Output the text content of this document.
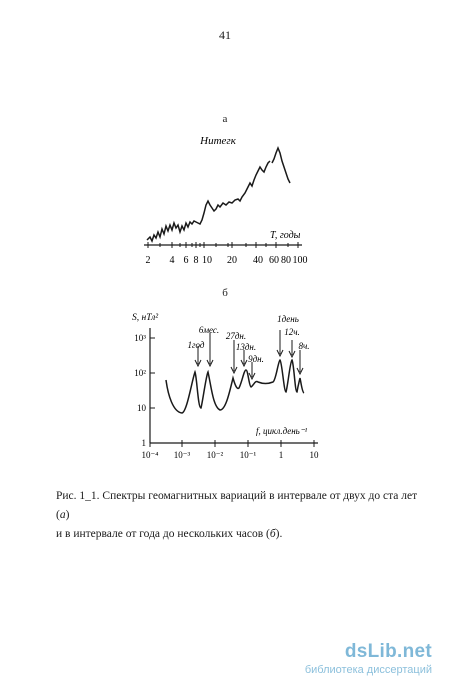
41
а
Ниmeгк
T, годы
2 4 6 8 10 20 40 60 80 100
б
S, нТл²
10³
10²
10
1
10⁻⁴ 10⁻³ 10⁻² 10⁻¹	1	10
f, цикл.день⁻¹
1год
6мес.
27дн.
13дн.
9дн.
1день
12ч.
8ч.
Рис. 1_1. Спектры геомагнитных вариаций в интервале от двух до ста лет (а)
и в интервале от года до нескольких часов (б).
dsLib.net
библиотека диссертаций
